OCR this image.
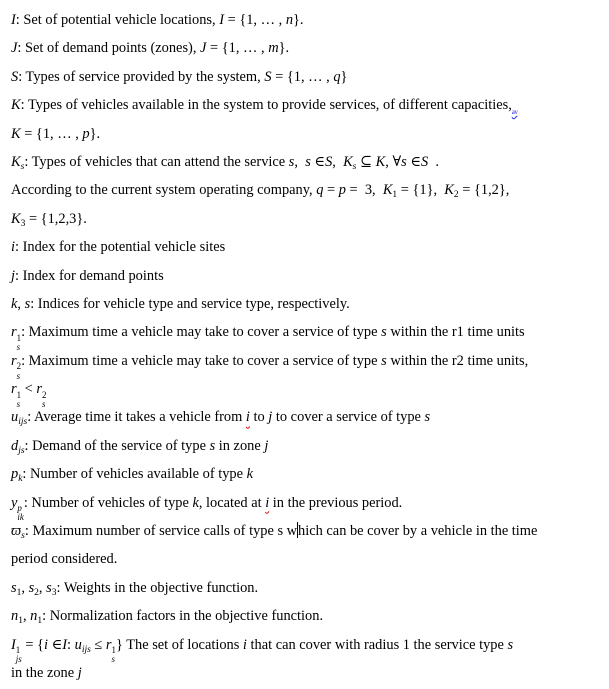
I: Set of potential vehicle locations, I = {1, … , n}.
J: Set of demand points (zones), J = {1, … , m}.
S: Types of service provided by the system, S = {1, … , q}
K: Types of vehicles available in the system to provide services, of different $capacities,_{av}$
K = {1, … , p}.
$K_s$: Types of vehicles that can attend the service s,  s ∈S,  $K_s$ ⊆ K, ∀s ∈S  .
According to the current system operating company, q = p =  3,  $K_1 = \{1\}$,  $K_2 = \{1,2\}$,
$K_3 = \{1,2,3\}$.
i: Index for the potential vehicle sites
j: Index for demand points
k, s: Indices for vehicle type and service type, respectively.
r 1
s
: Maximum time a vehicle may take to cover a service of type s within the r1 time units
r 2
s
: Maximum time a vehicle may take to cover a service of type s within the r2 time units,
r 1
s
< r 2
s
$u_{ijs}$: Average time it takes a vehicle from i to j to cover a service of type s
$d_{js}$: Demand of the service of type s in zone j
$p_k$: Number of vehicles available of type k
y p
ik
: Number of vehicles of type k, located at i in the previous period.
$ϖ_s$: Maximum number of service calls of type s which can be cover by a vehicle in the time
period considered.
$s_1$, $s_2$, $s_3$: Weights in the objective function.
$n_1$, $n_1$: Normalization factors in the objective function.
I 1
js
= {i ∈I: $u_{ijs} \le r$ 1
s
} The set of locations i that can cover with radius 1 the service type s
in the zone j
